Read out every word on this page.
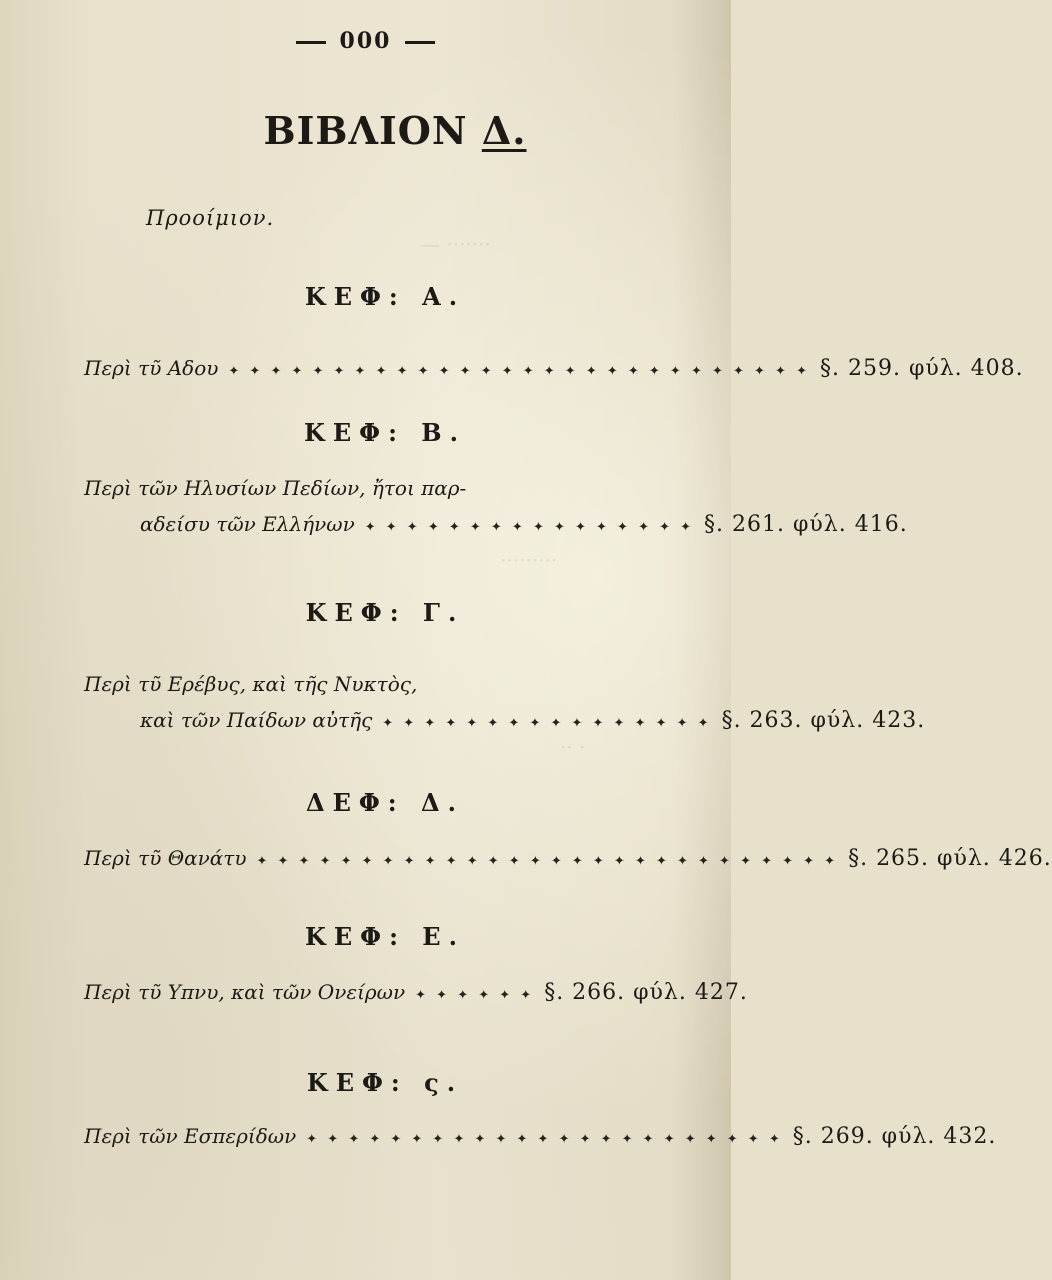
— ·······
·········
·· ·
000
ΒΙΒΛΙΟΝ Δ.
Προοίμιον.
ΚΕΦ: Α.
Περὶ τῦ Αδου ✦ ✦ ✦ ✦ ✦ ✦ ✦ ✦ ✦ ✦ ✦ ✦ ✦ ✦ ✦ ✦ ✦ ✦ ✦ ✦ ✦ ✦ ✦ ✦ ✦ ✦ ✦ ✦ §. 259. φύλ. 408.
ΚΕΦ: Β.
Περὶ τῶν Ηλυσίων Πεδίων, ἤτοι παρ-
αδείσυ τῶν Ελλήνων ✦ ✦ ✦ ✦ ✦ ✦ ✦ ✦ ✦ ✦ ✦ ✦ ✦ ✦ ✦ ✦ §. 261. φύλ. 416.
ΚΕΦ: Γ.
Περὶ τῦ Ερέβυς, καὶ τῆς Νυκτὸς,
καὶ τῶν Παίδων αὐτῆς ✦ ✦ ✦ ✦ ✦ ✦ ✦ ✦ ✦ ✦ ✦ ✦ ✦ ✦ ✦ ✦ §. 263. φύλ. 423.
ΔΕΦ: Δ.
Περὶ τῦ Θανάτυ ✦ ✦ ✦ ✦ ✦ ✦ ✦ ✦ ✦ ✦ ✦ ✦ ✦ ✦ ✦ ✦ ✦ ✦ ✦ ✦ ✦ ✦ ✦ ✦ ✦ ✦ ✦ ✦ §. 265. φύλ. 426.
ΚΕΦ: Ε.
Περὶ τῦ Υπνυ, καὶ τῶν Ονείρων ✦ ✦ ✦ ✦ ✦ ✦ §. 266. φύλ. 427.
ΚΕΦ: ς.
Περὶ τῶν Εσπερίδων ✦ ✦ ✦ ✦ ✦ ✦ ✦ ✦ ✦ ✦ ✦ ✦ ✦ ✦ ✦ ✦ ✦ ✦ ✦ ✦ ✦ ✦ ✦ §. 269. φύλ. 432.
